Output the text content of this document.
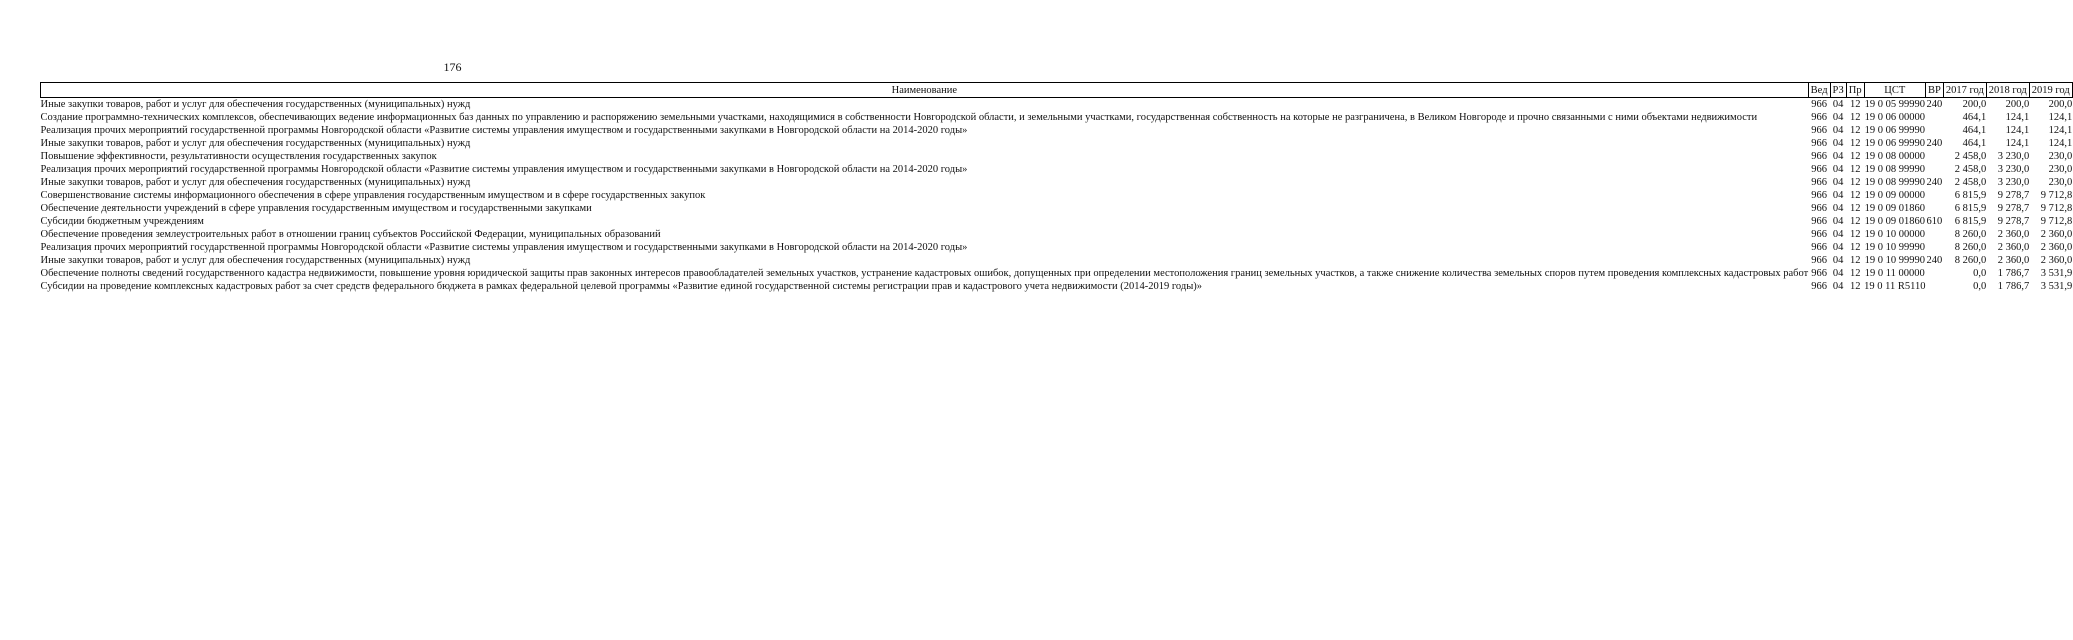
176
Наименование	Вед	РЗ	Пр	ЦСТ	ВР	2017 год	2018 год	2019 год
Иные закупки товаров, работ и услуг для обеспечения государственных (муниципальных) нужд	966	04	12	19 0 05 99990	240	200,0	200,0	200,0
Создание программно-технических комплексов, обеспечивающих ведение информационных баз данных по управлению и распоряжению земельными участками, находящимися в собственности Новгородской области, и земельными участками, государственная собственность на которые не разграничена, в Великом Новгороде и прочно связанными с ними объектами недвижимости	966	04	12	19 0 06 00000		464,1	124,1	124,1
Реализация прочих мероприятий государственной программы Новгородской области «Развитие системы управления имуществом и государственными закупками в Новгородской области на 2014-2020 годы»	966	04	12	19 0 06 99990		464,1	124,1	124,1
Иные закупки товаров, работ и услуг для обеспечения государственных (муниципальных) нужд	966	04	12	19 0 06 99990	240	464,1	124,1	124,1
Повышение эффективности, результативности осуществления государственных закупок	966	04	12	19 0 08 00000		2 458,0	3 230,0	230,0
Реализация прочих мероприятий государственной программы Новгородской области «Развитие системы управления имуществом и государственными закупками в Новгородской области на 2014-2020 годы»	966	04	12	19 0 08 99990		2 458,0	3 230,0	230,0
Иные закупки товаров, работ и услуг для обеспечения государственных (муниципальных) нужд	966	04	12	19 0 08 99990	240	2 458,0	3 230,0	230,0
Совершенствование системы информационного обеспечения в сфере управления государственным имуществом и в сфере государственных закупок	966	04	12	19 0 09 00000		6 815,9	9 278,7	9 712,8
Обеспечение деятельности учреждений в сфере управления государственным имуществом и государственными закупками	966	04	12	19 0 09 01860		6 815,9	9 278,7	9 712,8
Субсидии бюджетным учреждениям	966	04	12	19 0 09 01860	610	6 815,9	9 278,7	9 712,8
Обеспечение проведения землеустроительных работ в отношении границ субъектов Российской Федерации, муниципальных образований	966	04	12	19 0 10 00000		8 260,0	2 360,0	2 360,0
Реализация прочих мероприятий государственной программы Новгородской области «Развитие системы управления имуществом и государственными закупками в Новгородской области на 2014-2020 годы»	966	04	12	19 0 10 99990		8 260,0	2 360,0	2 360,0
Иные закупки товаров, работ и услуг для обеспечения государственных (муниципальных) нужд	966	04	12	19 0 10 99990	240	8 260,0	2 360,0	2 360,0
Обеспечение полноты сведений государственного кадастра недвижимости, повышение уровня юридической защиты прав законных интересов правообладателей земельных участков, устранение кадастровых ошибок, допущенных при определении местоположения границ земельных участков, а также снижение количества земельных споров путем проведения комплексных кадастровых работ	966	04	12	19 0 11 00000		0,0	1 786,7	3 531,9
Субсидии на проведение комплексных кадастровых работ за счет средств федерального бюджета в рамках федеральной целевой программы «Развитие единой государственной системы регистрации прав и кадастрового учета недвижимости (2014-2019 годы)»	966	04	12	19 0 11 R5110		0,0	1 786,7	3 531,9
